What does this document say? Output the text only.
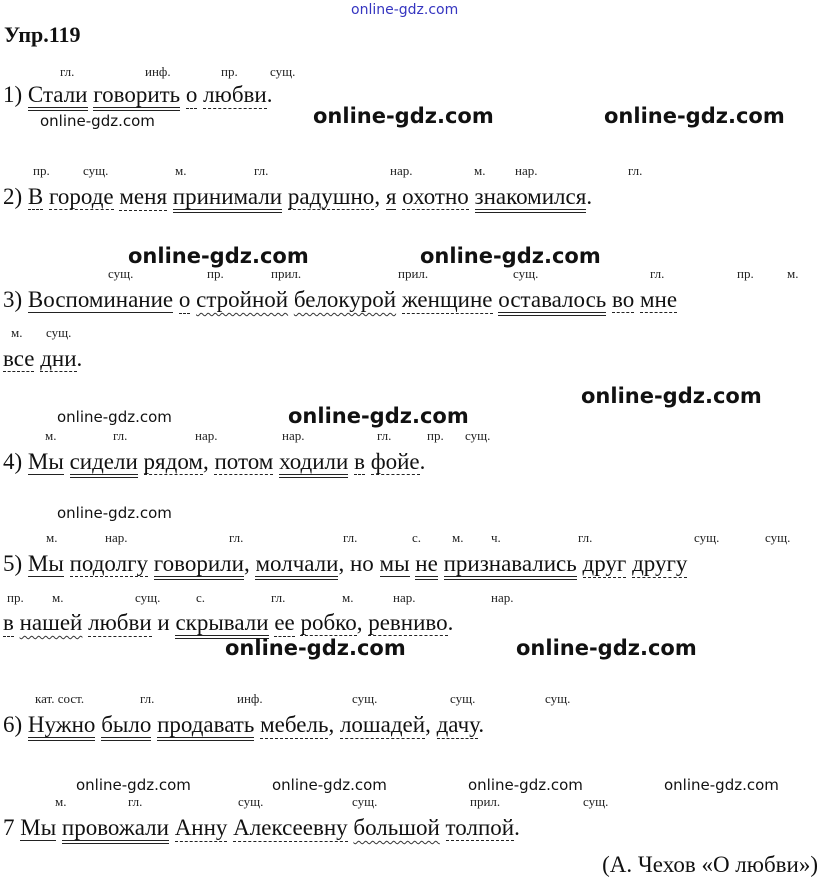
online-gdz.com
Упр.119
гл.	инф.	пр. сущ.
1) Стали говорить о любви.
online-gdz.com	online-gdz.com	online-gdz.com
пр.	сущ.	м.	гл.	нар.	м. нар.	гл.
2) В городе меня принимали радушно, я охотно знакомился.
online-gdz.com	online-gdz.com
сущ.	пр.	прил.	прил.	сущ.	гл.	пр.	м.
3) Воспоминание о стройной белокурой женщине оставалось во мне
м. сущ.
все дни.
online-gdz.com
online-gdz.com	online-gdz.com
м.	гл.	нар.	нар.	гл.	пр. сущ.
4) Мы сидели рядом, потом ходили в фойе.
online-gdz.com
м.	нар.	гл.	гл.	с. м. ч.	гл.	сущ.	сущ.
5) Мы подолгу говорили, молчали, но мы не признавались друг другу
пр. м.	сущ.	с.	гл.	м.	нар.	нар.
в нашей любви и скрывали ее робко, ревниво.
online-gdz.com	online-gdz.com
кат. сост.	гл.	инф.	сущ.	сущ.	сущ.
6) Нужно было продавать мебель, лошадей, дачу.
online-gdz.com	online-gdz.com	online-gdz.com	online-gdz.com
м.	гл.	сущ.	сущ.	прил.	сущ.
7 Мы провожали Анну Алексеевну большой толпой.
(А. Чехов «О любви»)
